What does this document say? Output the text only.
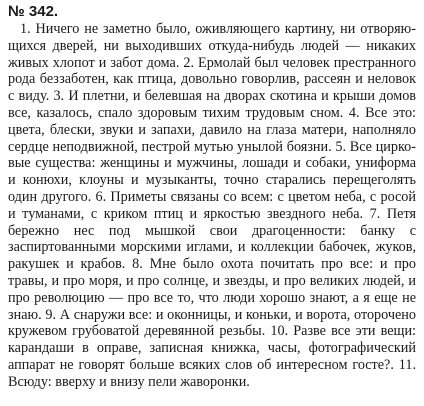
№ 342.

1. Ничего не заметно было, оживляющего картину, ни отворяющихся дверей, ни выходивших откуда-нибудь людей — никаких живых хлопот и забот дома. 2. Ермолай был человек престранного рода беззаботен, как птица, довольно говорлив, рассеян и неловок с виду. 3. И плетни, и белевшая на дворах скотина и крыши домов все, казалось, спало здоровым тихим трудовым сном. 4. Все это: цвета, блески, звуки и запахи, давило на глаза матери, наполняло сердце неподвижной, пестрой мутью унылой боязни. 5. Все цирковые существа: женщины и мужчины, лошади и собаки, униформа и конюхи, клоуны и музыканты, точно старались перещеголять один другого. 6. Приметы связаны со всем: с цветом неба, с росой и туманами, с криком птиц и яркостью звездного неба. 7. Петя бережно нес под мышкой свои драгоценности: банку с заспиртованными морскими иглами, и коллекции бабочек, жуков, ракушек и крабов. 8. Мне было охота почитать про все: и про травы, и про моря, и про солнце, и звезды, и про великих людей, и про революцию — про все то, что люди хорошо знают, а я еще не знаю. 9. А снаружи все: и оконницы, и коньки, и ворота, оторочено кружевом грубоватой деревянной резьбы. 10. Разве все эти вещи: карандаши в оправе, записная книжка, часы, фотографический аппарат не говорят больше всяких слов об интересном госте?. 11. Всюду: вверху и внизу пели жаворонки.
